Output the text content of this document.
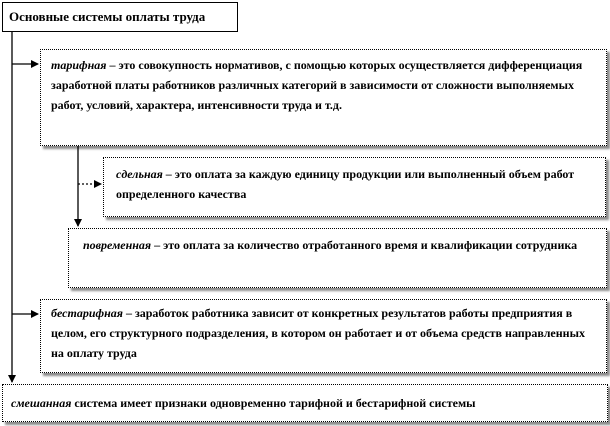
Основные системы оплаты труда
тарифная – это совокупность нормативов, с помощью которых осуществляется дифференциация заработной платы работников различных категорий в зависимости от сложности выполняемых работ, условий, характера, интенсивности труда и т.д.
сдельная – это оплата за каждую единицу продукции или выполненный объем работ определенного качества
повременная – это оплата за количество отработанного время и квалификации сотрудника
бестарифная – заработок работника зависит от конкретных результатов работы предприятия в целом, его структурного подразделения, в котором он работает и от объема средств направленных на оплату труда
смешанная система имеет признаки одновременно тарифной и бестарифной системы
